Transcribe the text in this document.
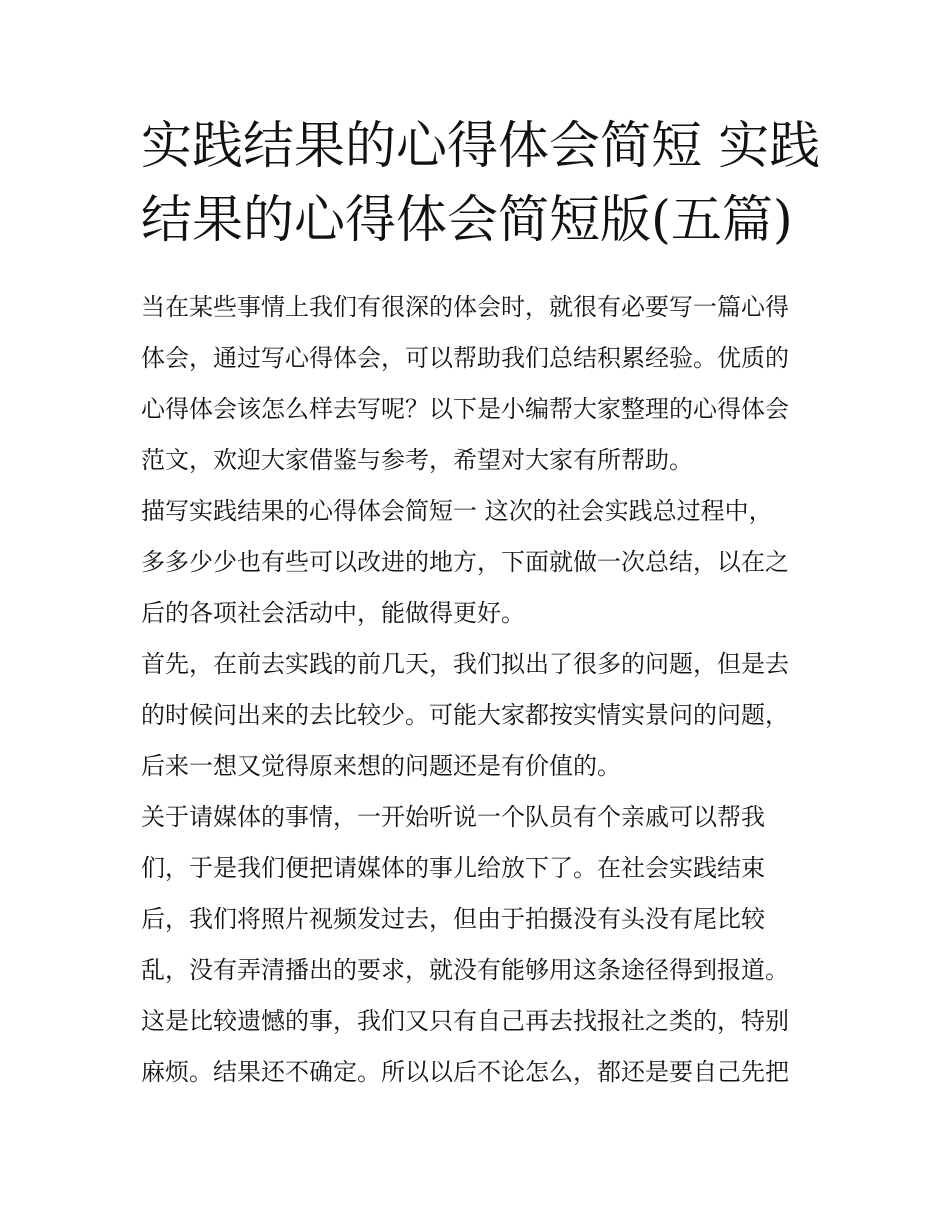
实践结果的心得体会简短 实践
结果的心得体会简短版(五篇)
当在某些事情上我们有很深的体会时，就很有必要写一篇心得
体会，通过写心得体会，可以帮助我们总结积累经验。优质的
心得体会该怎么样去写呢？以下是小编帮大家整理的心得体会
范文，欢迎大家借鉴与参考，希望对大家有所帮助。
描写实践结果的心得体会简短一 这次的社会实践总过程中，
多多少少也有些可以改进的地方，下面就做一次总结，以在之
后的各项社会活动中，能做得更好。
首先，在前去实践的前几天，我们拟出了很多的问题，但是去
的时候问出来的去比较少。可能大家都按实情实景问的问题，
后来一想又觉得原来想的问题还是有价值的。
关于请媒体的事情，一开始听说一个队员有个亲戚可以帮我
们，于是我们便把请媒体的事儿给放下了。在社会实践结束
后，我们将照片视频发过去，但由于拍摄没有头没有尾比较
乱，没有弄清播出的要求，就没有能够用这条途径得到报道。
这是比较遗憾的事，我们又只有自己再去找报社之类的，特别
麻烦。结果还不确定。所以以后不论怎么，都还是要自己先把
